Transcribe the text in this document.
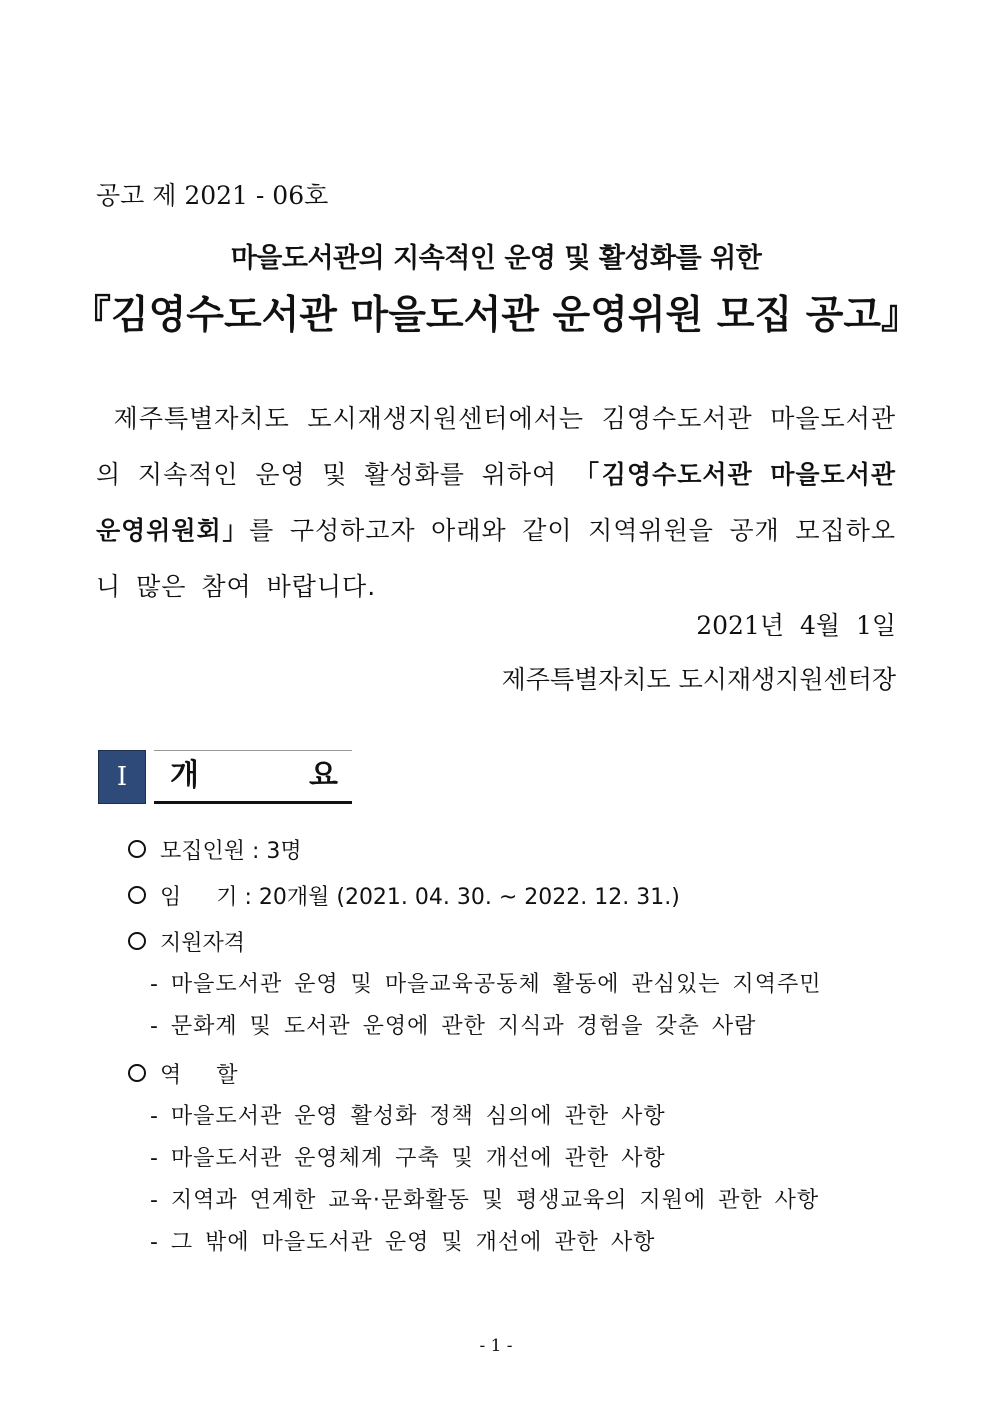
공고 제 2021 - 06호
마을도서관의 지속적인 운영 및 활성화를 위한
『김영수도서관 마을도서관 운영위원 모집 공고』
제주특별자치도 도시재생지원센터에서는 김영수도서관 마을도서관의 지속적인 운영 및 활성화를 위하여 「김영수도서관 마을도서관 운영위원회」를 구성하고자 아래와 같이 지역위원을 공개 모집하오니 많은 참여 바랍니다.
2021년 4월 1일
제주특별자치도 도시재생지원센터장
Ⅰ	개	요
모집인원 : 3명
임     기 : 20개월 (2021. 04. 30. ~ 2022. 12. 31.)
지원자격
- 마을도서관 운영 및 마을교육공동체 활동에 관심있는 지역주민
- 문화계 및 도서관 운영에 관한 지식과 경험을 갖춘 사람
역     할
- 마을도서관 운영 활성화 정책 심의에 관한 사항
- 마을도서관 운영체계 구축 및 개선에 관한 사항
- 지역과 연계한 교육·문화활동 및 평생교육의 지원에 관한 사항
- 그 밖에 마을도서관 운영 및 개선에 관한 사항
- 1 -
